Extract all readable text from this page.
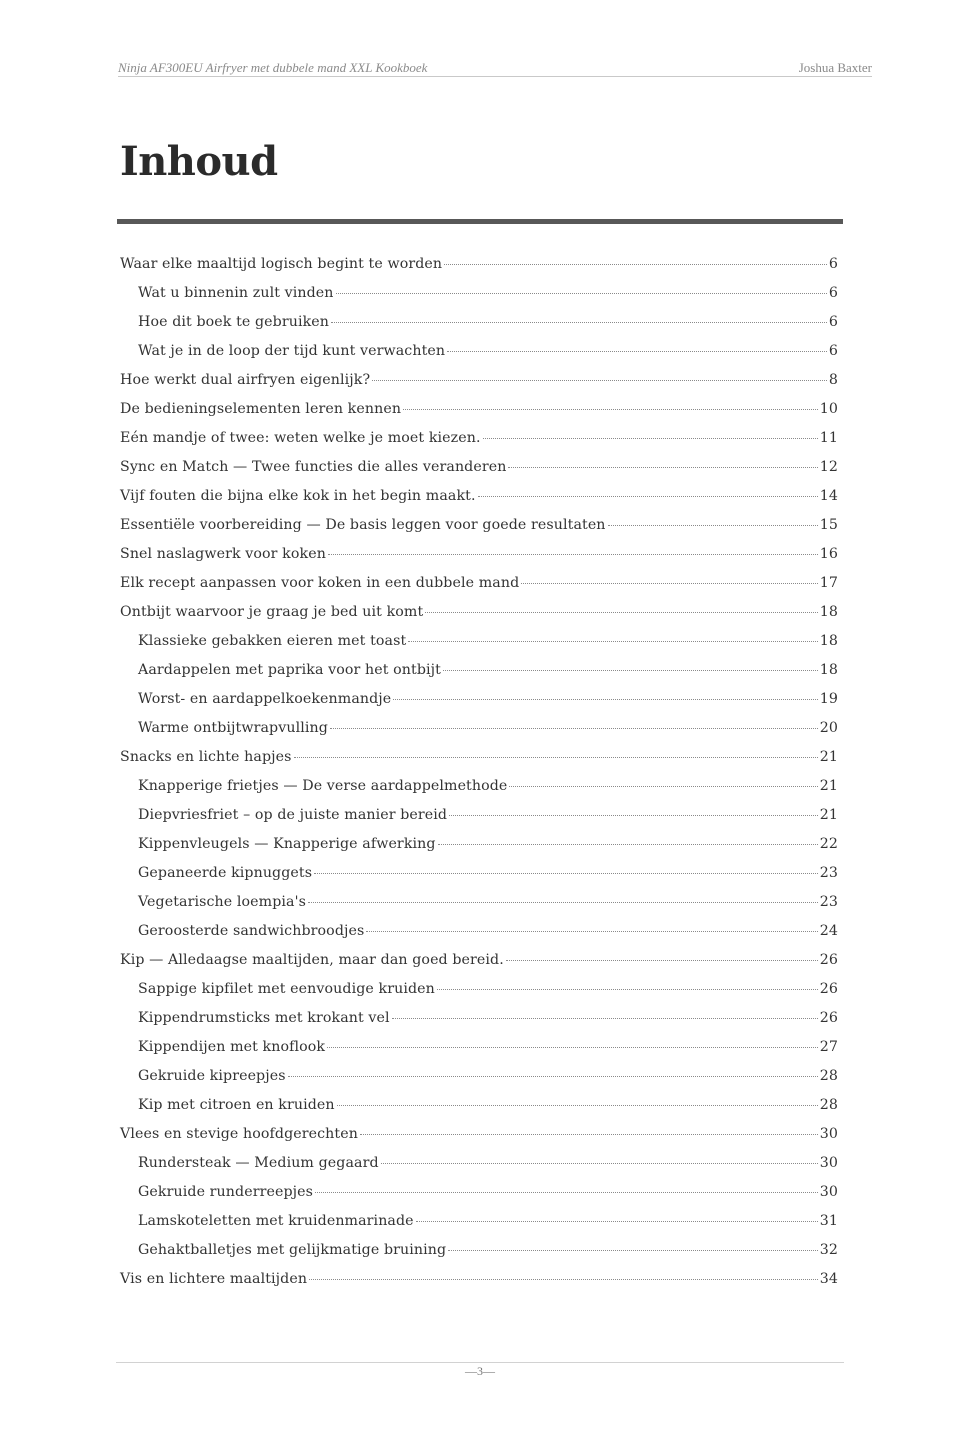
Ninja AF300EU Airfryer met dubbele mand XXL Kookboek	Joshua Baxter
Inhoud
Waar elke maaltijd logisch begint te worden	6
Wat u binnenin zult vinden	6
Hoe dit boek te gebruiken	6
Wat je in de loop der tijd kunt verwachten	6
Hoe werkt dual airfryen eigenlijk?	8
De bedieningselementen leren kennen	10
Eén mandje of twee: weten welke je moet kiezen.	11
Sync en Match — Twee functies die alles veranderen	12
Vijf fouten die bijna elke kok in het begin maakt.	14
Essentiële voorbereiding — De basis leggen voor goede resultaten	15
Snel naslagwerk voor koken	16
Elk recept aanpassen voor koken in een dubbele mand	17
Ontbijt waarvoor je graag je bed uit komt	18
Klassieke gebakken eieren met toast	18
Aardappelen met paprika voor het ontbijt	18
Worst- en aardappelkoekenmandje	19
Warme ontbijtwrapvulling	20
Snacks en lichte hapjes	21
Knapperige frietjes — De verse aardappelmethode	21
Diepvriesfriet – op de juiste manier bereid	21
Kippenvleugels — Knapperige afwerking	22
Gepaneerde kipnuggets	23
Vegetarische loempia's	23
Geroosterde sandwichbroodjes	24
Kip — Alledaagse maaltijden, maar dan goed bereid.	26
Sappige kipfilet met eenvoudige kruiden	26
Kippendrumsticks met krokant vel	26
Kippendijen met knoflook	27
Gekruide kipreepjes	28
Kip met citroen en kruiden	28
Vlees en stevige hoofdgerechten	30
Rundersteak — Medium gegaard	30
Gekruide runderreepjes	30
Lamskoteletten met kruidenmarinade	31
Gehaktballetjes met gelijkmatige bruining	32
Vis en lichtere maaltijden	34
—3—
